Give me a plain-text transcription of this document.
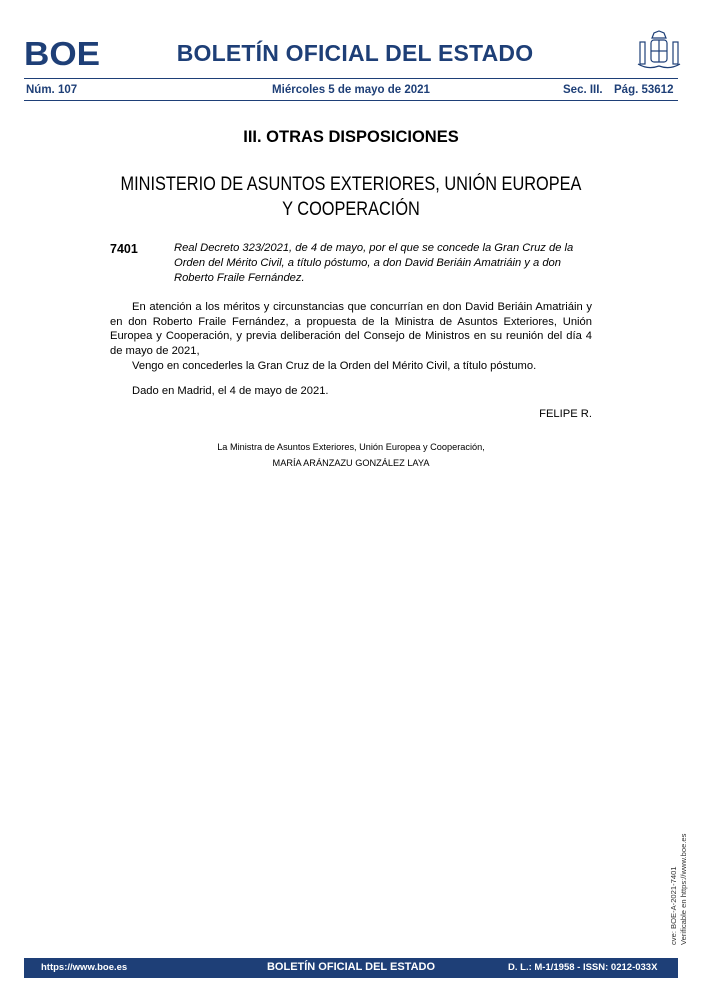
BOE	BOLETÍN OFICIAL DEL ESTADO
Núm. 107	Miércoles 5 de mayo de 2021	Sec. III. Pág. 53612
III. OTRAS DISPOSICIONES
MINISTERIO DE ASUNTOS EXTERIORES, UNIÓN EUROPEA
Y COOPERACIÓN
7401	Real Decreto 323/2021, de 4 de mayo, por el que se concede la Gran Cruz de la Orden del Mérito Civil, a título póstumo, a don David Beriáin Amatriáin y a don Roberto Fraile Fernández.
En atención a los méritos y circunstancias que concurrían en don David Beriáin Amatriáin y en don Roberto Fraile Fernández, a propuesta de la Ministra de Asuntos Exteriores, Unión Europea y Cooperación, y previa deliberación del Consejo de Ministros en su reunión del día 4 de mayo de 2021,
Vengo en concederles la Gran Cruz de la Orden del Mérito Civil, a título póstumo.
Dado en Madrid, el 4 de mayo de 2021.
FELIPE R.
La Ministra de Asuntos Exteriores, Unión Europea y Cooperación,
MARÍA ARÁNZAZU GONZÁLEZ LAYA
cve: BOE-A-2021-7401 Verificable en https://www.boe.es
https://www.boe.es	BOLETÍN OFICIAL DEL ESTADO	D. L.: M-1/1958 - ISSN: 0212-033X
